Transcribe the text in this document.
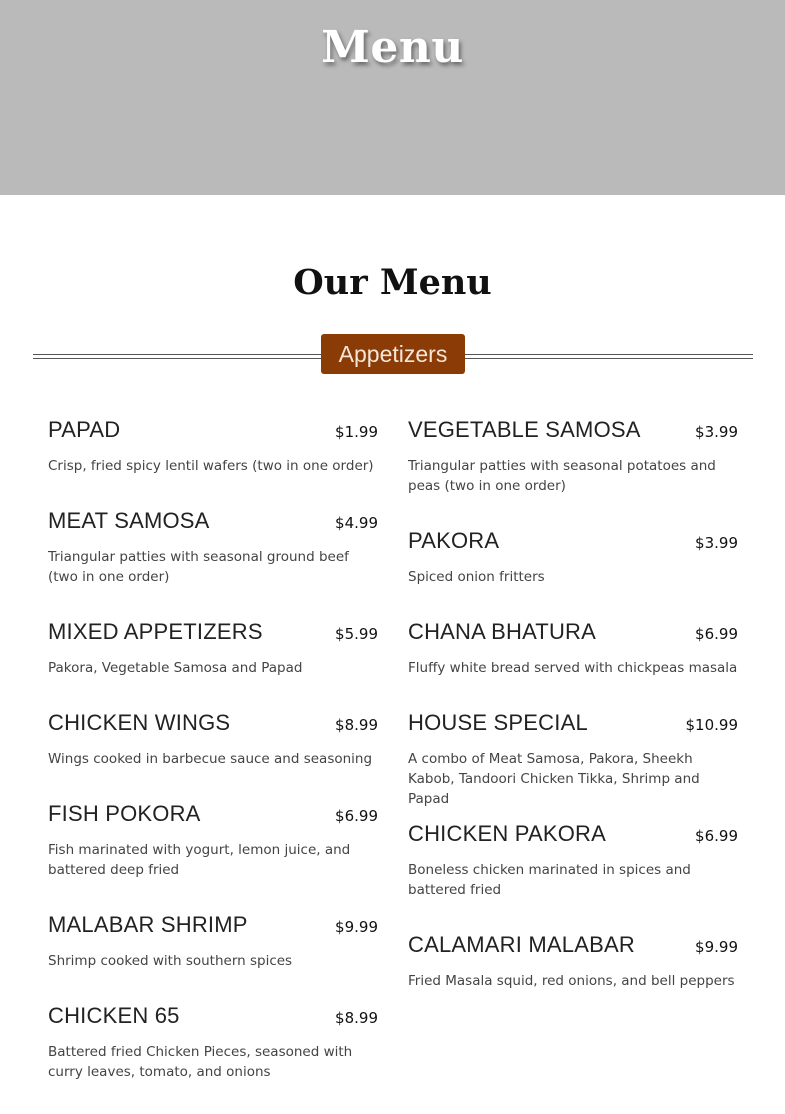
Menu
Our Menu
Appetizers
PAPAD	$1.99
Crisp, fried spicy lentil wafers (two in one order)
MEAT SAMOSA	$4.99
Triangular patties with seasonal ground beef (two in one order)
MIXED APPETIZERS	$5.99
Pakora, Vegetable Samosa and Papad
CHICKEN WINGS	$8.99
Wings cooked in barbecue sauce and seasoning
FISH POKORA	$6.99
Fish marinated with yogurt, lemon juice, and battered deep fried
MALABAR SHRIMP	$9.99
Shrimp cooked with southern spices
CHICKEN 65	$8.99
Battered fried Chicken Pieces, seasoned with curry leaves, tomato, and onions
VEGETABLE SAMOSA	$3.99
Triangular patties with seasonal potatoes and peas (two in one order)
PAKORA	$3.99
Spiced onion fritters
CHANA BHATURA	$6.99
Fluffy white bread served with chickpeas masala
HOUSE SPECIAL	$10.99
A combo of Meat Samosa, Pakora, Sheekh Kabob, Tandoori Chicken Tikka, Shrimp and Papad
CHICKEN PAKORA	$6.99
Boneless chicken marinated in spices and battered fried
CALAMARI MALABAR	$9.99
Fried Masala squid, red onions, and bell peppers
